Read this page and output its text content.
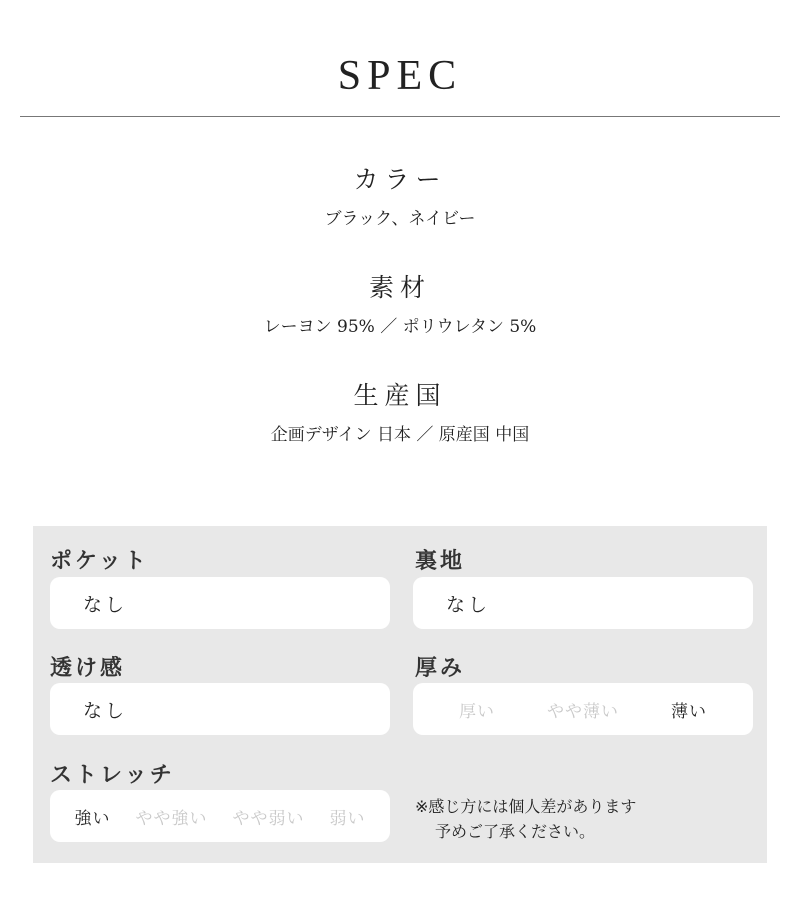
SPEC
カラー
ブラック、ネイビー
素材
レーヨン 95% ／ ポリウレタン 5%
生産国
企画デザイン 日本 ／ 原産国 中国
ポケット
なし
裏地
なし
透け感
なし
厚み
厚い	やや薄い	薄い
ストレッチ
強い やや強い やや弱い 弱い
※感じ方には個人差があります
予めご了承ください。
